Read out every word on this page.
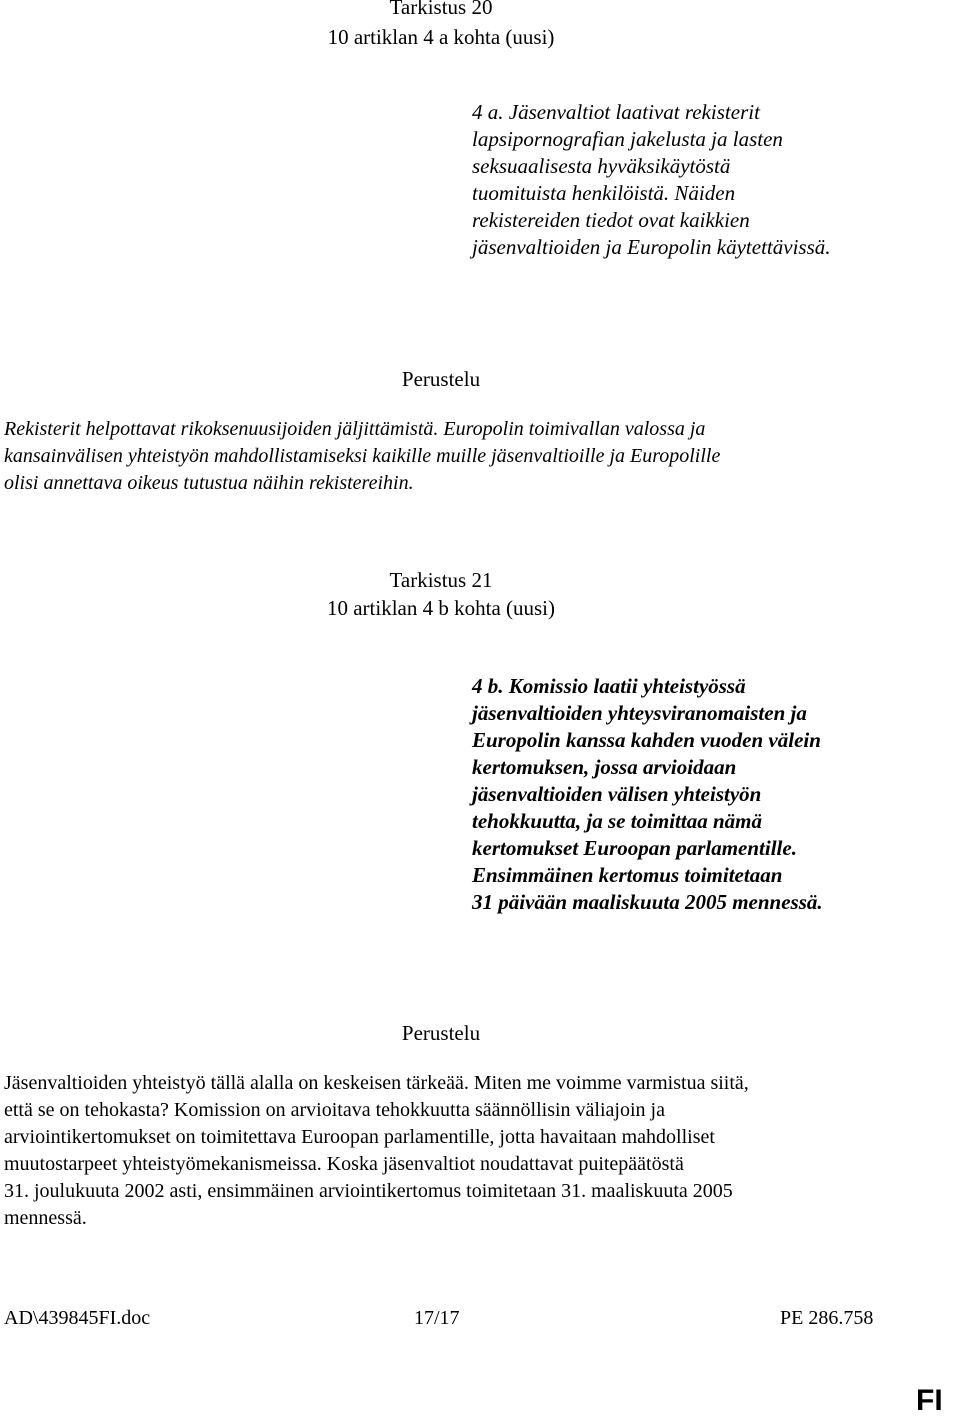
Tarkistus 20
10 artiklan 4 a kohta (uusi)
4 a. Jäsenvaltiot laativat rekisterit
lapsipornografian jakelusta ja lasten
seksuaalisesta hyväksikäytöstä
tuomituista henkilöistä. Näiden
rekistereiden tiedot ovat kaikkien
jäsenvaltioiden ja Europolin käytettävissä.
Perustelu
Rekisterit helpottavat rikoksenuusijoiden jäljittämistä. Europolin toimivallan valossa ja
kansainvälisen yhteistyön mahdollistamiseksi kaikille muille jäsenvaltioille ja Europolille
olisi annettava oikeus tutustua näihin rekistereihin.
Tarkistus 21
10 artiklan 4 b kohta (uusi)
4 b. Komissio laatii yhteistyössä
jäsenvaltioiden yhteysviranomaisten ja
Europolin kanssa kahden vuoden välein
kertomuksen, jossa arvioidaan
jäsenvaltioiden välisen yhteistyön
tehokkuutta, ja se toimittaa nämä
kertomukset Euroopan parlamentille.
Ensimmäinen kertomus toimitetaan
31 päivään maaliskuuta 2005 mennessä.
Perustelu
Jäsenvaltioiden yhteistyö tällä alalla on keskeisen tärkeää. Miten me voimme varmistua siitä,
että se on tehokasta? Komission on arvioitava tehokkuutta säännöllisin väliajoin ja
arviointikertomukset on toimitettava Euroopan parlamentille, jotta havaitaan mahdolliset
muutostarpeet yhteistyömekanismeissa. Koska jäsenvaltiot noudattavat puitepäätöstä
31. joulukuuta 2002 asti, ensimmäinen arviointikertomus toimitetaan 31. maaliskuuta 2005
mennessä.
AD\439845FI.doc	17/17	PE 286.758
FI
